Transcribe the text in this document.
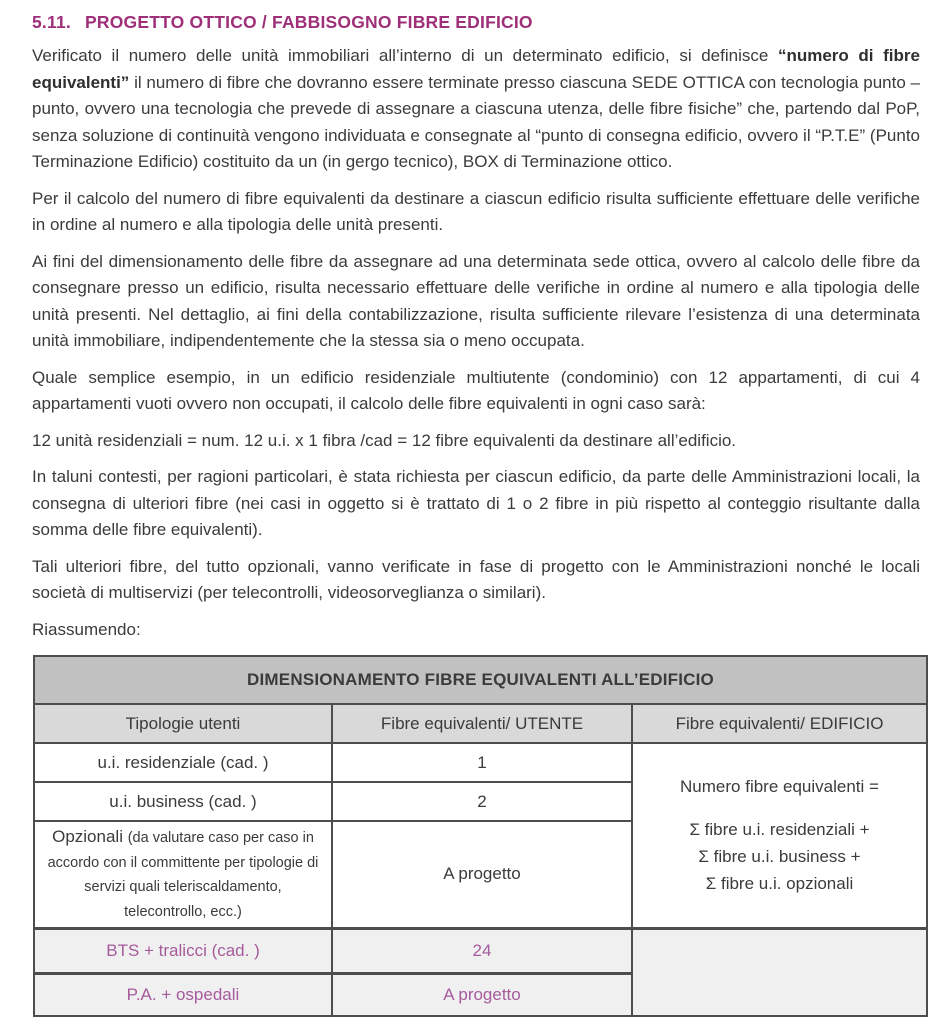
5.11. PROGETTO OTTICO / FABBISOGNO FIBRE EDIFICIO

Verificato il numero delle unità immobiliari all’interno di un determinato edificio, si definisce “numero di fibre equivalenti” il numero di fibre che dovranno essere terminate presso ciascuna SEDE OTTICA con tecnologia punto – punto, ovvero una tecnologia che prevede di assegnare a ciascuna utenza, delle fibre fisiche” che, partendo dal PoP, senza soluzione di continuità vengono individuata e consegnate al “punto di consegna edificio, ovvero il “P.T.E” (Punto Terminazione Edificio) costituito da un (in gergo tecnico), BOX di Terminazione ottico.

Per il calcolo del numero di fibre equivalenti da destinare a ciascun edificio risulta sufficiente effettuare delle verifiche in ordine al numero e alla tipologia delle unità presenti.

Ai fini del dimensionamento delle fibre da assegnare ad una determinata sede ottica, ovvero al calcolo delle fibre da consegnare presso un edificio, risulta necessario effettuare delle verifiche in ordine al numero e alla tipologia delle unità presenti. Nel dettaglio, ai fini della contabilizzazione, risulta sufficiente rilevare l’esistenza di una determinata unità immobiliare, indipendentemente che la stessa sia o meno occupata.

Quale semplice esempio, in un edificio residenziale multiutente (condominio) con 12 appartamenti, di cui 4 appartamenti vuoti ovvero non occupati, il calcolo delle fibre equivalenti in ogni caso sarà:

12 unità residenziali = num. 12 u.i. x 1 fibra /cad = 12 fibre equivalenti da destinare all’edificio.

In taluni contesti, per ragioni particolari, è stata richiesta per ciascun edificio, da parte delle Amministrazioni locali, la consegna di ulteriori fibre (nei casi in oggetto si è trattato di 1 o 2 fibre in più rispetto al conteggio risultante dalla somma delle fibre equivalenti).

Tali ulteriori fibre, del tutto opzionali, vanno verificate in fase di progetto con le Amministrazioni nonché le locali società di multiservizi (per telecontrolli, videosorveglianza o similari).

Riassumendo:

DIMENSIONAMENTO FIBRE EQUIVALENTI ALL’EDIFICIO		
Tipologie utenti	Fibre equivalenti/ UTENTE	Fibre equivalenti/ EDIFICIO
u.i. residenziale (cad. )	1	Numero fibre equivalenti =
Σ fibre u.i. residenziali +
Σ fibre u.i. business +
Σ fibre u.i. opzionali

u.i. business (cad. )	2	
Opzionali (da valutare caso per caso in accordo con il committente per tipologie di servizi quali teleriscaldamento, telecontrollo, ecc.)	A progetto	
BTS + tralicci (cad. )	24	
P.A. + ospedali	A progetto	
